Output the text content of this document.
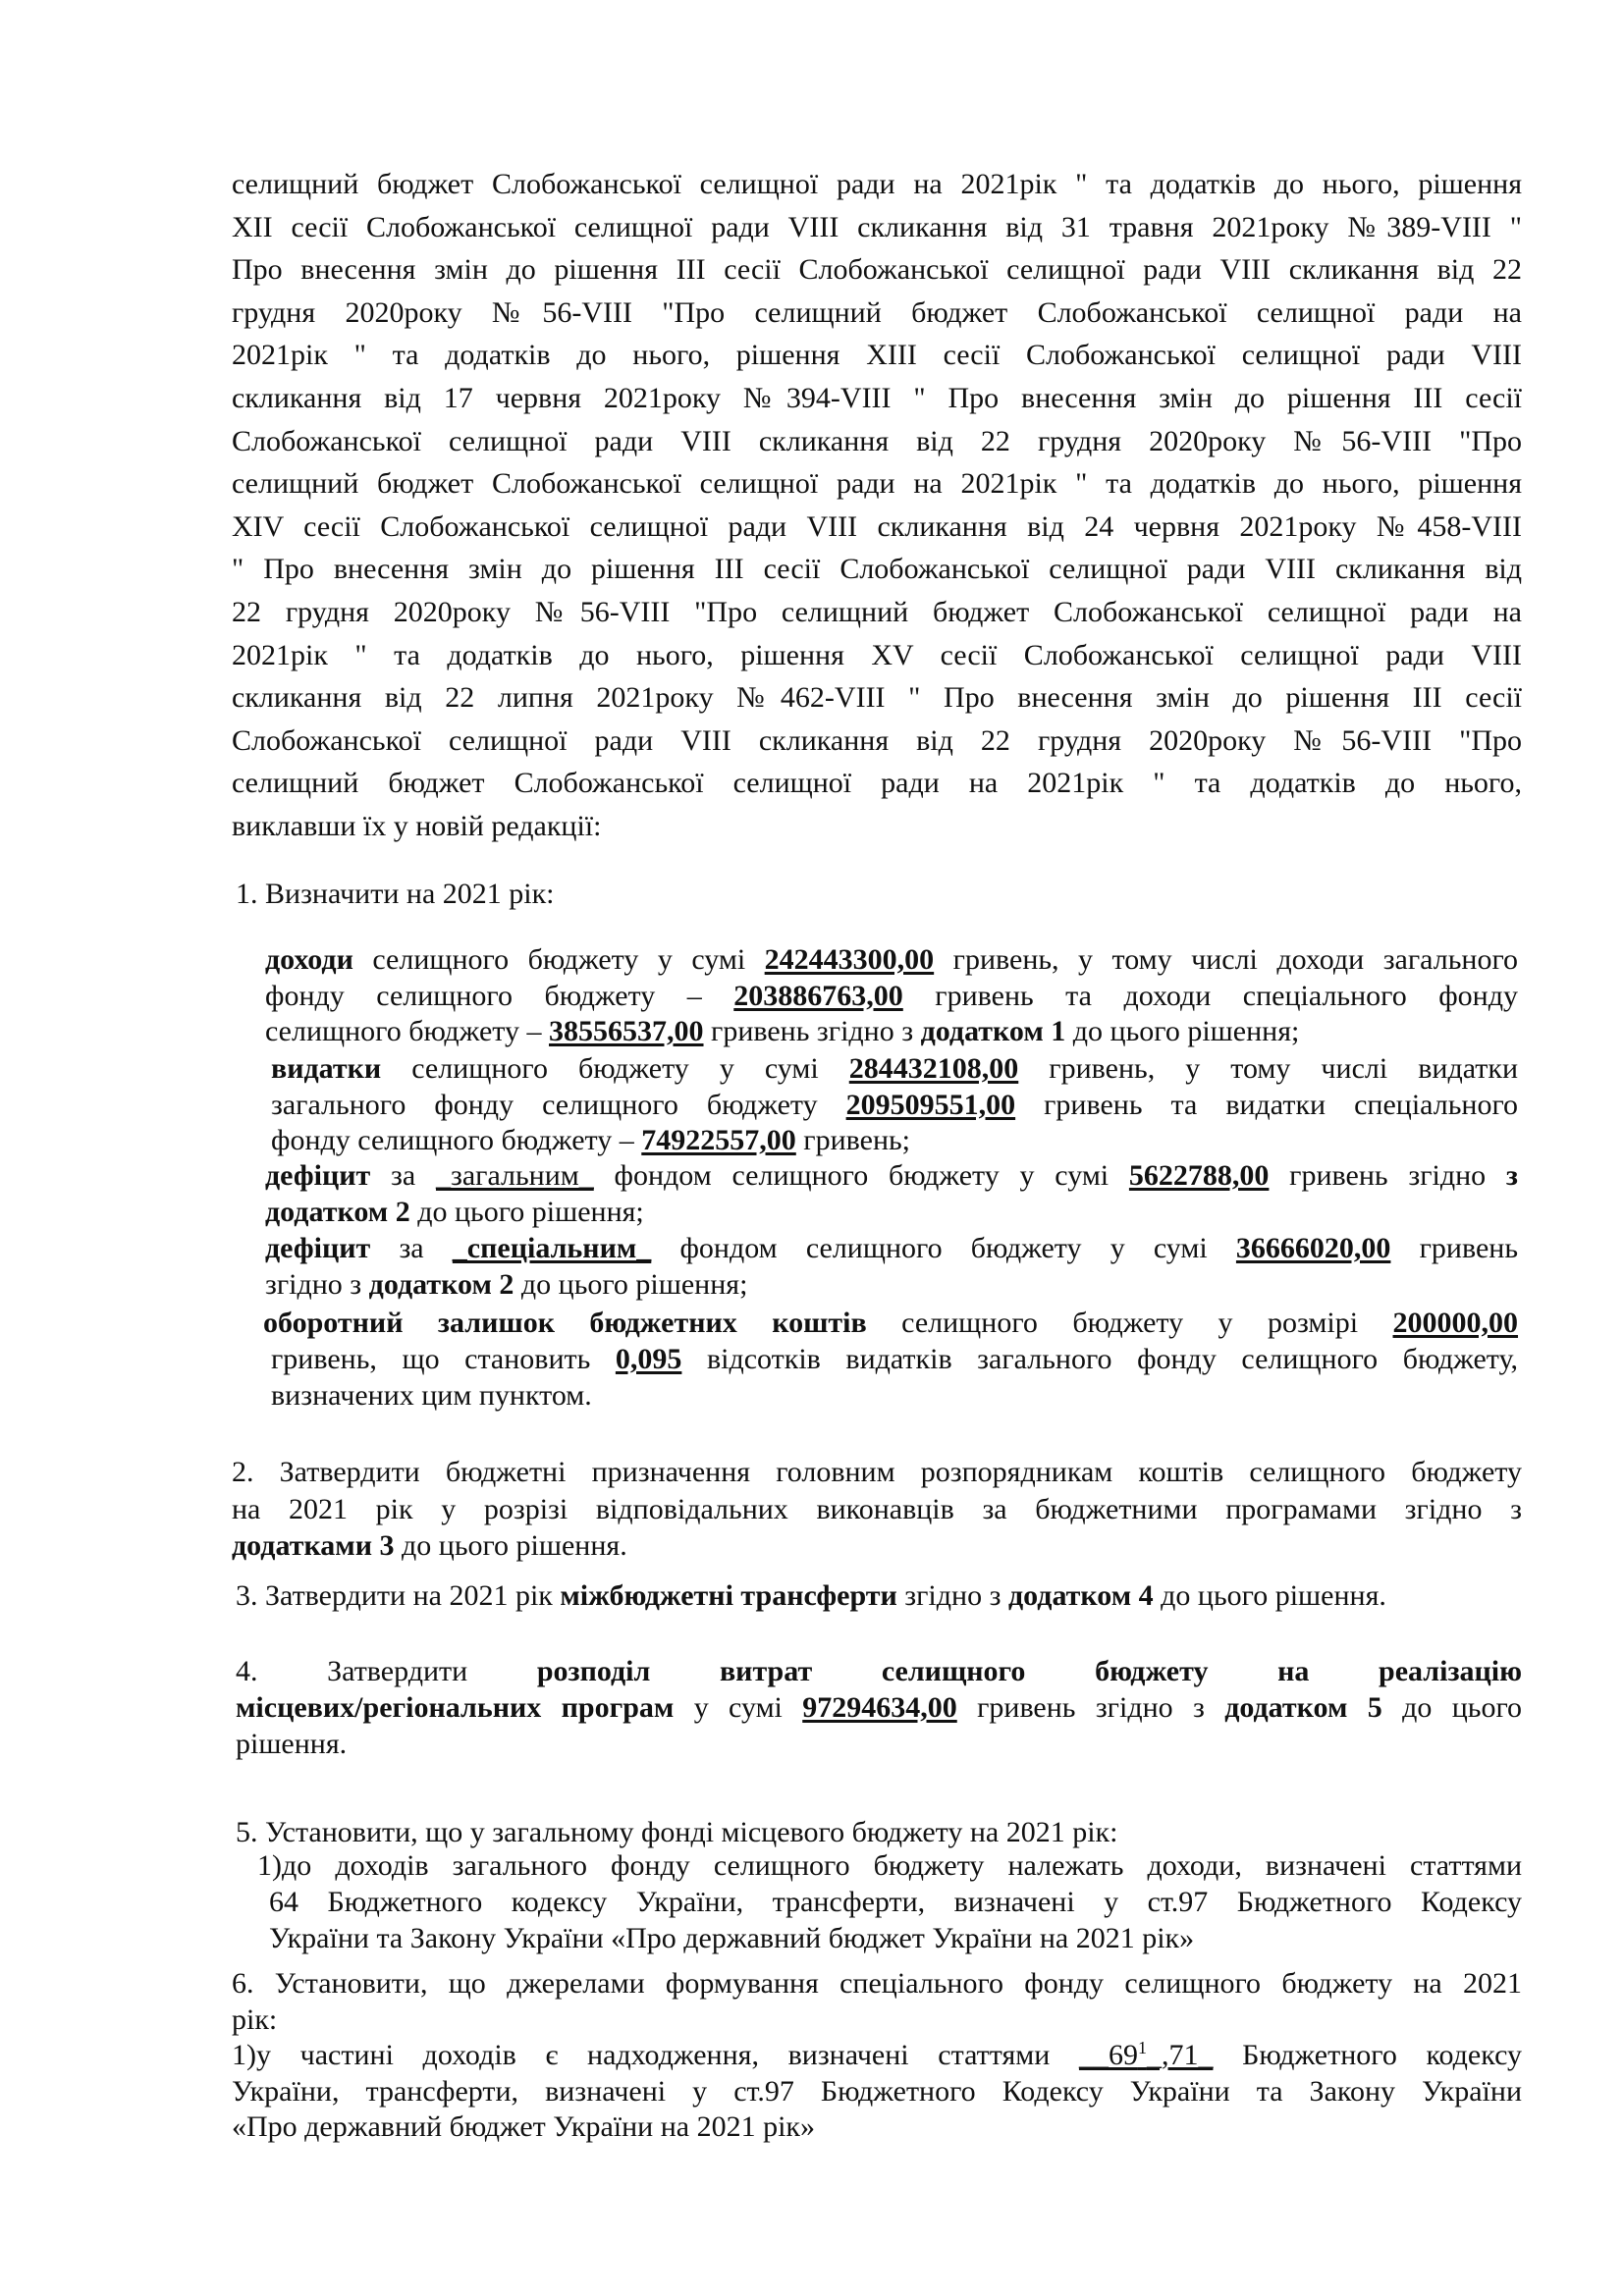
селищний бюджет Слобожанської селищної ради на 2021рік " та додатків до нього, рішення
ХІІ сесії Слобожанської селищної ради VІІІ скликання від 31 травня 2021року №389-VIII "
Про внесення змін до рішення ІІІ сесії Слобожанської селищної ради VІІІ скликання від 22
грудня 2020року №56-VIII "Про селищний бюджет Слобожанської селищної ради на
2021рік " та додатків до нього, рішення ХІІІ сесії Слобожанської селищної ради VІІІ
скликання від 17 червня 2021року №394-VIII " Про внесення змін до рішення ІІІ сесії
Слобожанської селищної ради VІІІ скликання від 22 грудня 2020року №56-VIII "Про
селищний бюджет Слобожанської селищної ради на 2021рік " та додатків до нього, рішення
ХІV сесії Слобожанської селищної ради VІІІ скликання від 24 червня 2021року №458-VIII
" Про внесення змін до рішення ІІІ сесії Слобожанської селищної ради VІІІ скликання від
22 грудня 2020року №56-VIII "Про селищний бюджет Слобожанської селищної ради на
2021рік " та додатків до нього, рішення ХV сесії Слобожанської селищної ради VІІІ
скликання від 22 липня 2021року №462-VIII " Про внесення змін до рішення ІІІ сесії
Слобожанської селищної ради VІІІ скликання від 22 грудня 2020року №56-VIII "Про
селищний бюджет Слобожанської селищної ради на 2021рік " та додатків до нього,
виклавши їх у новій редакції:
1. Визначити на 2021 рік:
доходи селищного бюджету у сумі 242443300,00 гривень, у тому числі доходи загального
фонду селищного бюджету – 203886763,00 гривень та доходи спеціального фонду
селищного бюджету – 38556537,00 гривень згідно з додатком 1 до цього рішення;
видатки селищного бюджету у сумі 284432108,00 гривень, у тому числі видатки
загального фонду селищного бюджету 209509551,00 гривень та видатки спеціального
фонду селищного бюджету – 74922557,00 гривень;
дефіцит за _загальним_ фондом селищного бюджету у сумі 5622788,00 гривень згідно з
додатком 2 до цього рішення;
дефіцит за _спеціальним_ фондом селищного бюджету у сумі 36666020,00 гривень
згідно з додатком 2 до цього рішення;
оборотний залишок бюджетних коштів селищного бюджету у розмірі 200000,00
гривень, що становить 0,095 відсотків видатків загального фонду селищного бюджету,
визначених цим пунктом.
2. Затвердити бюджетні призначення головним розпорядникам коштів селищного бюджету
на 2021 рік у розрізі відповідальних виконавців за бюджетними програмами згідно з
додатками 3 до цього рішення.
3. Затвердити на 2021 рік міжбюджетні трансферти згідно з додатком 4 до цього рішення.
4. Затвердити розподіл витрат селищного бюджету на реалізацію
місцевих/регіональних програм у сумі 97294634,00 гривень згідно з додатком 5 до цього
рішення.
5. Установити, що у загальному фонді місцевого бюджету на 2021 рік:
1)до доходів загального фонду селищного бюджету належать доходи, визначені статтями
64 Бюджетного кодексу України, трансферти, визначені у ст.97 Бюджетного Кодексу
України та Закону України «Про державний бюджет України на 2021 рік»
6. Установити, що джерелами формування спеціального фонду селищного бюджету на 2021
рік:
1)у частині доходів є надходження, визначені статтями $\_\_69^1\_,71\_$ Бюджетного кодексу
України, трансферти, визначені у ст.97 Бюджетного Кодексу України та Закону України
«Про державний бюджет України на 2021 рік»
